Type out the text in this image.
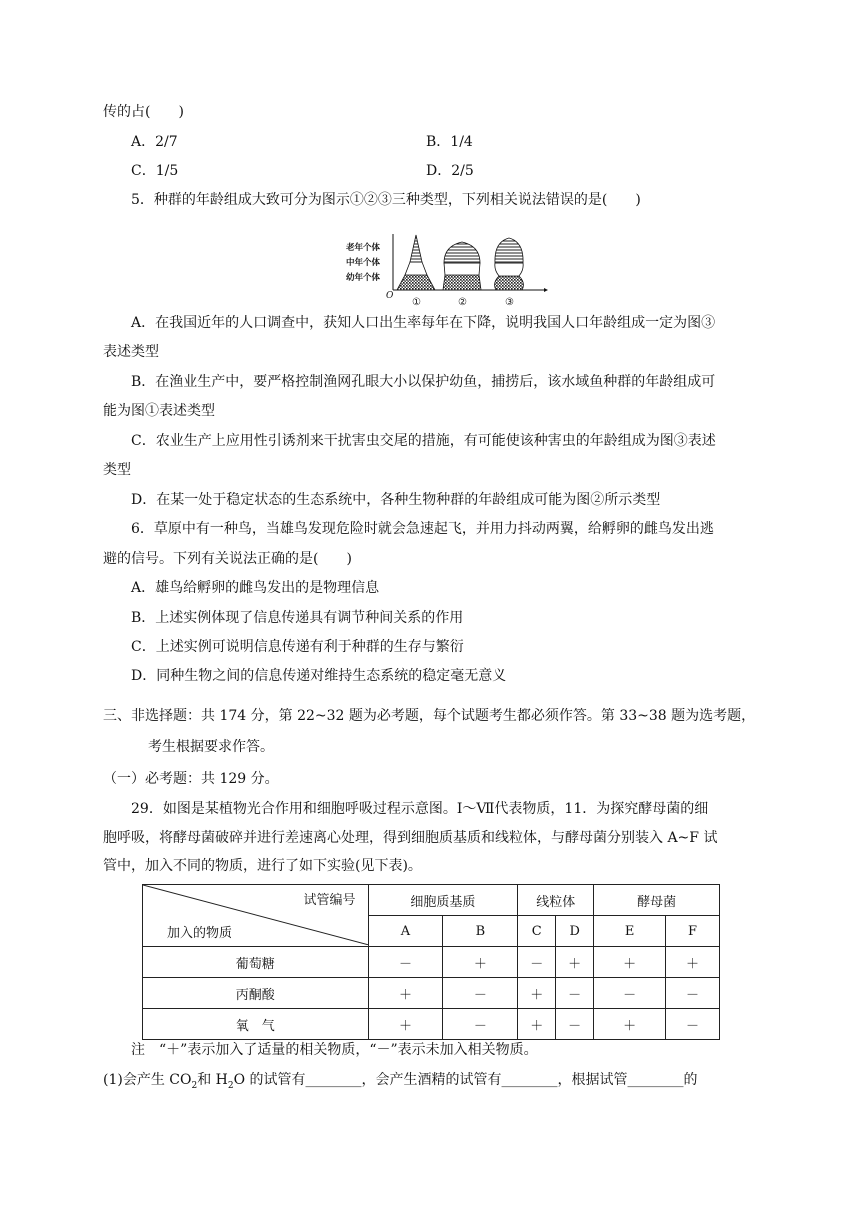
传的占(　　)
A．2/7	B．1/4
C．1/5	D．2/5
5．种群的年龄组成大致可分为图示①②③三种类型，下列相关说法错误的是(　　)
老年个体
中年个体
幼年个体
O
①	②	③
A．在我国近年的人口调查中，获知人口出生率每年在下降，说明我国人口年龄组成一定为图③
表述类型
B．在渔业生产中，要严格控制渔网孔眼大小以保护幼鱼，捕捞后，该水域鱼种群的年龄组成可
能为图①表述类型
C．农业生产上应用性引诱剂来干扰害虫交尾的措施，有可能使该种害虫的年龄组成为图③表述
类型
D．在某一处于稳定状态的生态系统中，各种生物种群的年龄组成可能为图②所示类型
6．草原中有一种鸟，当雄鸟发现危险时就会急速起飞，并用力抖动两翼，给孵卵的雌鸟发出逃
避的信号。下列有关说法正确的是(　　)
A．雄鸟给孵卵的雌鸟发出的是物理信息
B．上述实例体现了信息传递具有调节种间关系的作用
C．上述实例可说明信息传递有利于种群的生存与繁衍
D．同种生物之间的信息传递对维持生态系统的稳定毫无意义
三、非选择题：共 174 分，第 22~32 题为必考题，每个试题考生都必须作答。第 33~38 题为选考题，
考生根据要求作答。
（一）必考题：共 129 分。
29．如图是某植物光合作用和细胞呼吸过程示意图。Ⅰ～Ⅶ代表物质，11．为探究酵母菌的细
胞呼吸，将酵母菌破碎并进行差速离心处理，得到细胞质基质和线粒体，与酵母菌分别装入 A~F 试
管中，加入不同的物质，进行了如下实验(见下表)。
试管编号
加入的物质	细胞质基质		线粒体		酵母菌	
	A	B	C	D	E	F
葡萄糖	－	＋	－	＋	＋	＋
丙酮酸	＋	－	＋	－	－	－
氧　气	＋	－	＋	－	＋	－
注　“＋”表示加入了适量的相关物质，“－”表示未加入相关物质。
(1)会产生 $CO_2$和 $H_2O$ 的试管有________，会产生酒精的试管有________，根据试管________的
